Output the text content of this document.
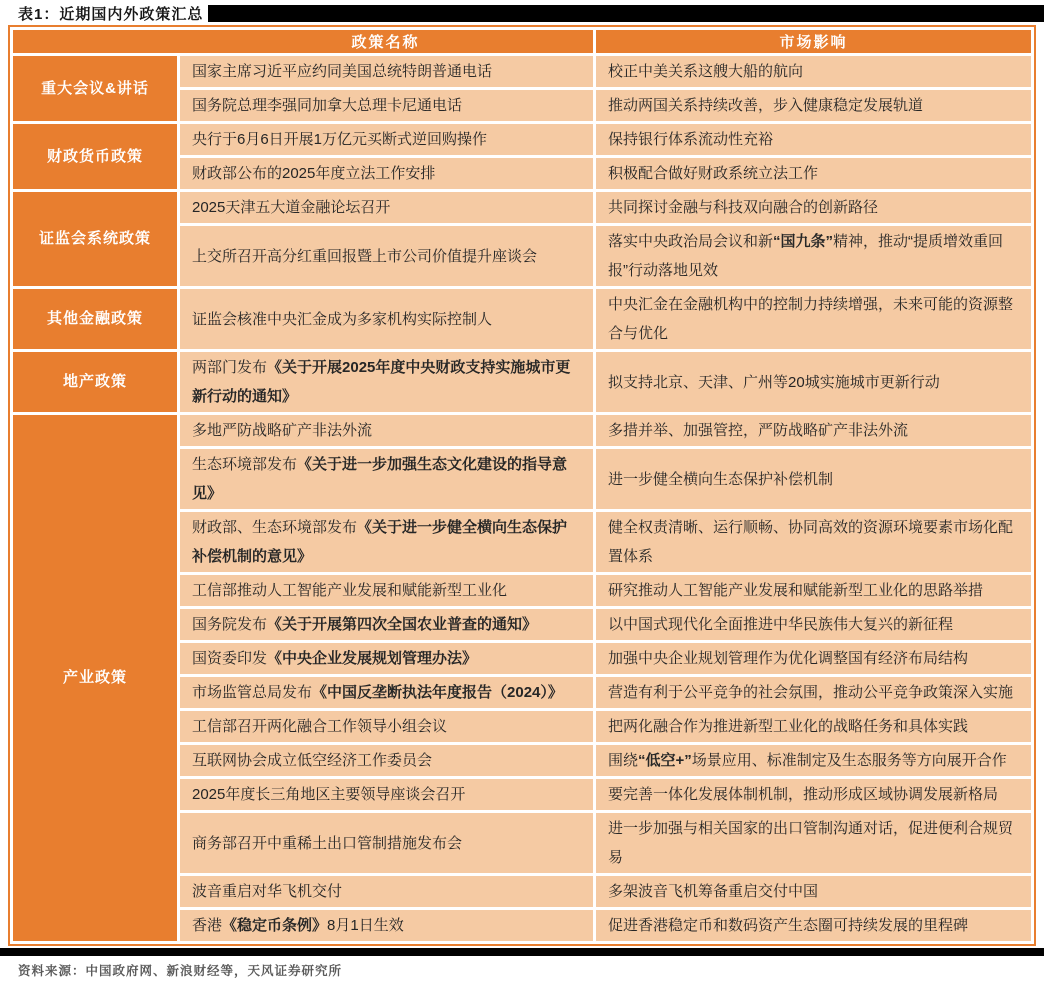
表1：近期国内外政策汇总
政策名称		市场影响
重大会议&讲话	国家主席习近平应约同美国总统特朗普通电话	校正中美关系这艘大船的航向
	国务院总理李强同加拿大总理卡尼通电话	推动两国关系持续改善，步入健康稳定发展轨道
财政货币政策	央行于6月6日开展1万亿元买断式逆回购操作	保持银行体系流动性充裕
	财政部公布的2025年度立法工作安排	积极配合做好财政系统立法工作
证监会系统政策	2025天津五大道金融论坛召开	共同探讨金融与科技双向融合的创新路径
	上交所召开高分红重回报暨上市公司价值提升座谈会	落实中央政治局会议和新“国九条”精神，推动“提质增效重回报”行动落地见效
其他金融政策	证监会核准中央汇金成为多家机构实际控制人	中央汇金在金融机构中的控制力持续增强，未来可能的资源整合与优化
地产政策	两部门发布《关于开展2025年度中央财政支持实施城市更新行动的通知》	拟支持北京、天津、广州等20城实施城市更新行动
产业政策	多地严防战略矿产非法外流	多措并举、加强管控，严防战略矿产非法外流
	生态环境部发布《关于进一步加强生态文化建设的指导意见》	进一步健全横向生态保护补偿机制
	财政部、生态环境部发布《关于进一步健全横向生态保护补偿机制的意见》	健全权责清晰、运行顺畅、协同高效的资源环境要素市场化配置体系
	工信部推动人工智能产业发展和赋能新型工业化	研究推动人工智能产业发展和赋能新型工业化的思路举措
	国务院发布《关于开展第四次全国农业普查的通知》	以中国式现代化全面推进中华民族伟大复兴的新征程
	国资委印发《中央企业发展规划管理办法》	加强中央企业规划管理作为优化调整国有经济布局结构
	市场监管总局发布《中国反垄断执法年度报告（2024）》	营造有利于公平竞争的社会氛围，推动公平竞争政策深入实施
	工信部召开两化融合工作领导小组会议	把两化融合作为推进新型工业化的战略任务和具体实践
	互联网协会成立低空经济工作委员会	围绕“低空+”场景应用、标准制定及生态服务等方向展开合作
	2025年度长三角地区主要领导座谈会召开	要完善一体化发展体制机制，推动形成区域协调发展新格局
	商务部召开中重稀土出口管制措施发布会	进一步加强与相关国家的出口管制沟通对话，促进便利合规贸易
	波音重启对华飞机交付	多架波音飞机筹备重启交付中国
	香港《稳定币条例》8月1日生效	促进香港稳定币和数码资产生态圈可持续发展的里程碑
资料来源：中国政府网、新浪财经等，天风证券研究所
